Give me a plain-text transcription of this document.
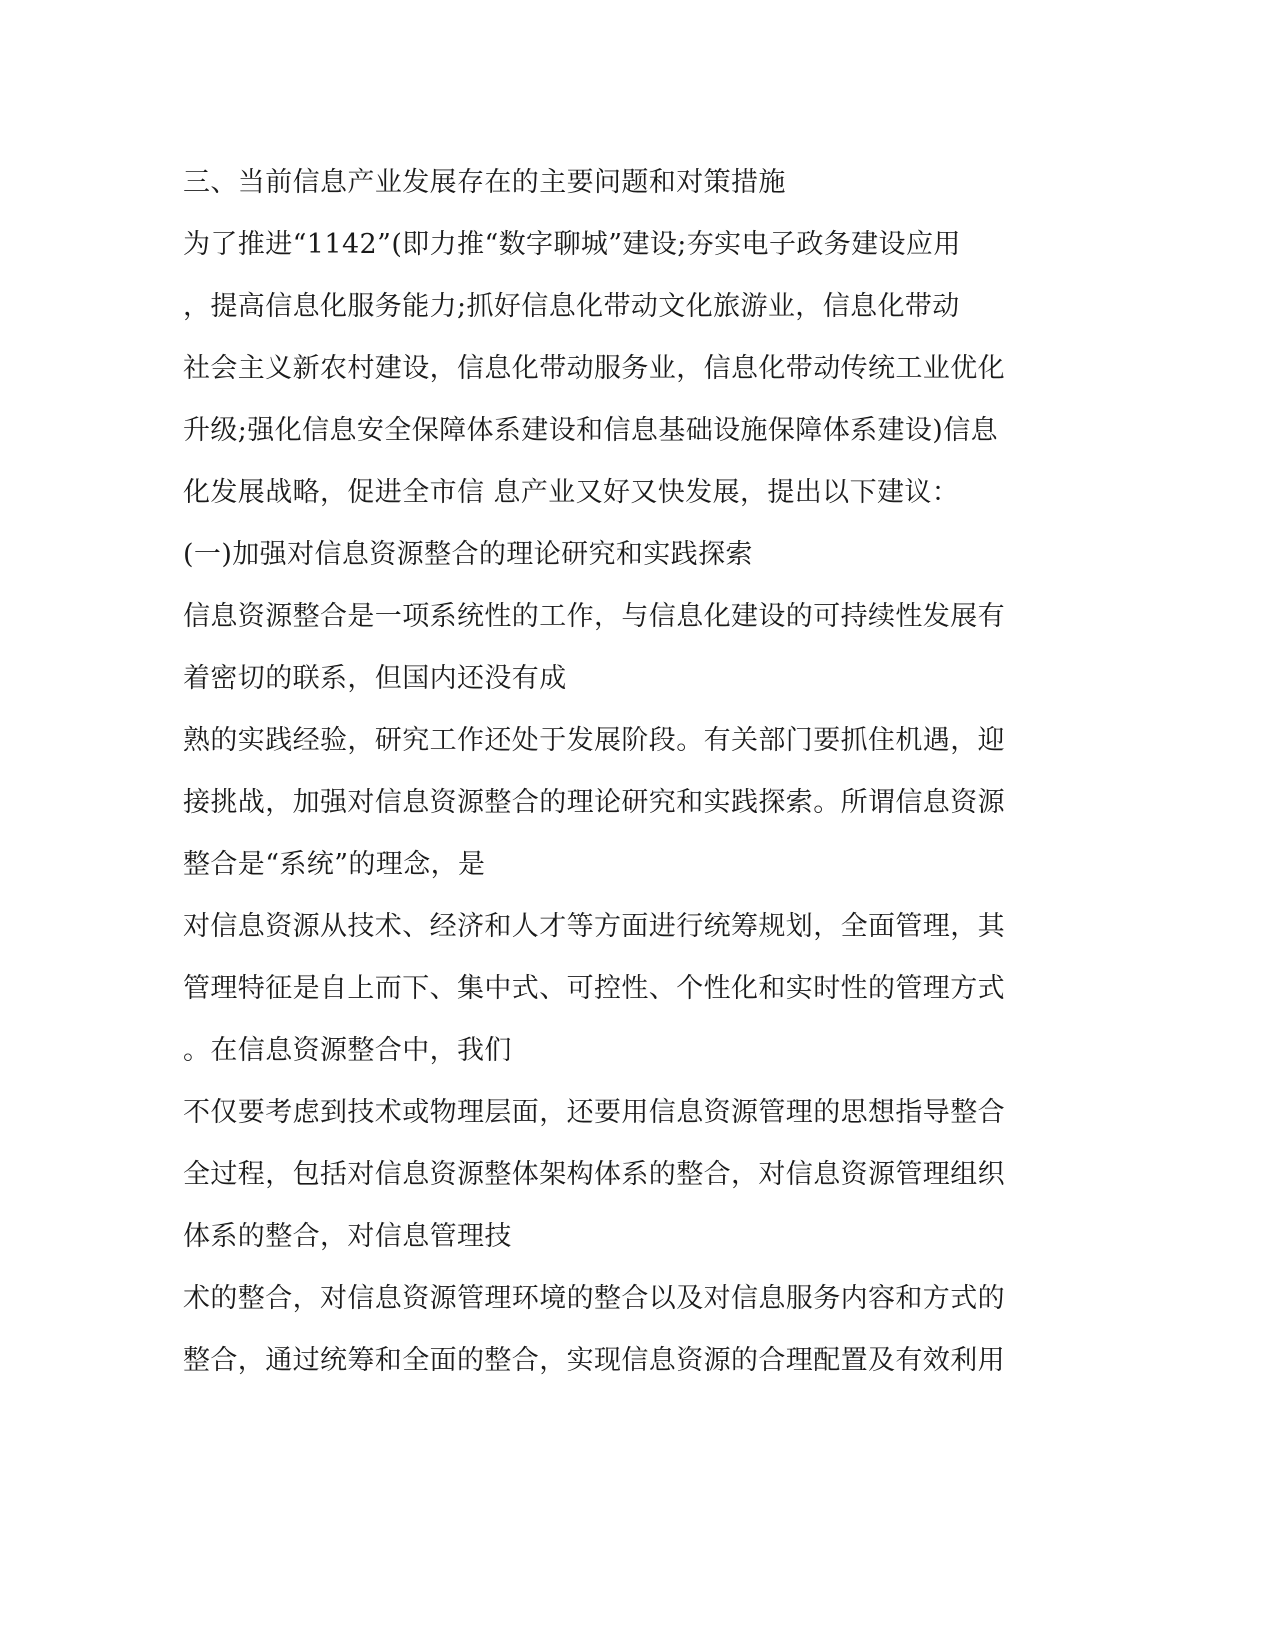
三、当前信息产业发展存在的主要问题和对策措施
为了推进“1142”(即力推“数字聊城”建设;夯实电子政务建设应用
，提高信息化服务能力;抓好信息化带动文化旅游业，信息化带动
社会主义新农村建设，信息化带动服务业，信息化带动传统工业优化
升级;强化信息安全保障体系建设和信息基础设施保障体系建设)信息
化发展战略，促进全市信 息产业又好又快发展，提出以下建议：
(一)加强对信息资源整合的理论研究和实践探索
信息资源整合是一项系统性的工作，与信息化建设的可持续性发展有
着密切的联系，但国内还没有成
熟的实践经验，研究工作还处于发展阶段。有关部门要抓住机遇，迎
接挑战，加强对信息资源整合的理论研究和实践探索。所谓信息资源
整合是“系统”的理念，是
对信息资源从技术、经济和人才等方面进行统筹规划，全面管理，其
管理特征是自上而下、集中式、可控性、个性化和实时性的管理方式
。在信息资源整合中，我们
不仅要考虑到技术或物理层面，还要用信息资源管理的思想指导整合
全过程，包括对信息资源整体架构体系的整合，对信息资源管理组织
体系的整合，对信息管理技
术的整合，对信息资源管理环境的整合以及对信息服务内容和方式的
整合，通过统筹和全面的整合，实现信息资源的合理配置及有效利用
